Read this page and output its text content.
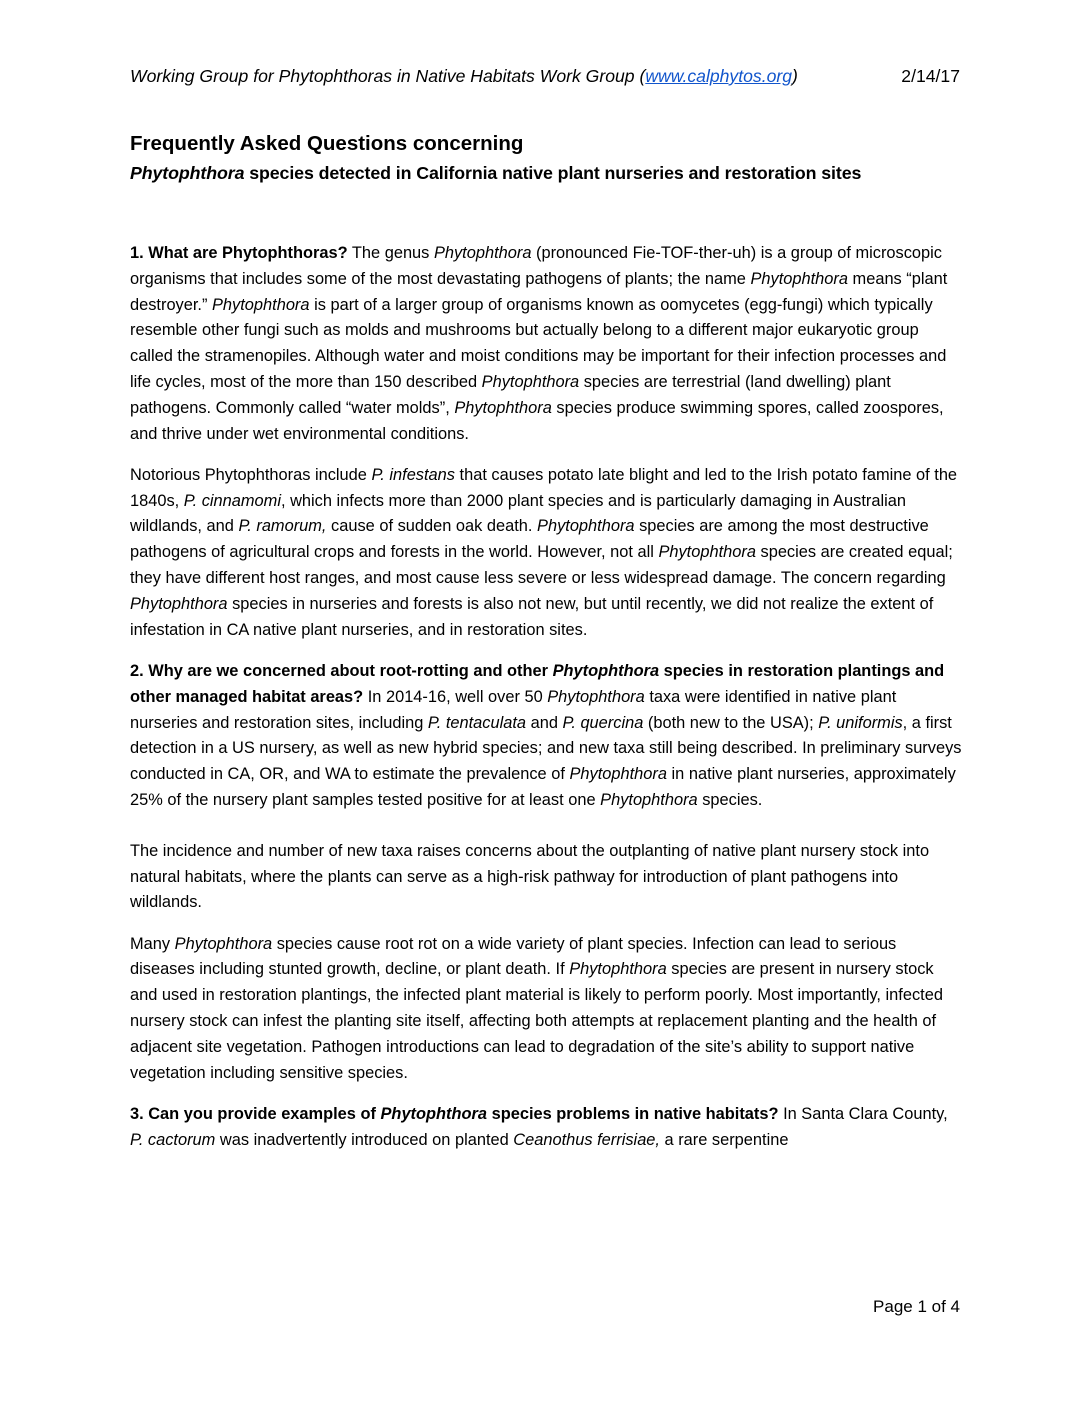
Working Group for Phytophthoras in Native Habitats Work Group (www.calphytos.org)	2/14/17
Frequently Asked Questions concerning
Phytophthora species detected in California native plant nurseries and restoration sites

1. What are Phytophthoras? The genus Phytophthora (pronounced Fie-TOF-ther-uh) is a group of microscopic organisms that includes some of the most devastating pathogens of plants; the name Phytophthora means “plant destroyer.” Phytophthora is part of a larger group of organisms known as oomycetes (egg-fungi) which typically resemble other fungi such as molds and mushrooms but actually belong to a different major eukaryotic group called the stramenopiles. Although water and moist conditions may be important for their infection processes and life cycles, most of the more than 150 described Phytophthora species are terrestrial (land dwelling) plant pathogens. Commonly called “water molds”, Phytophthora species produce swimming spores, called zoospores, and thrive under wet environmental conditions.

Notorious Phytophthoras include P. infestans that causes potato late blight and led to the Irish potato famine of the 1840s, P. cinnamomi, which infects more than 2000 plant species and is particularly damaging in Australian wildlands, and P. ramorum, cause of sudden oak death. Phytophthora species are among the most destructive pathogens of agricultural crops and forests in the world. However, not all Phytophthora species are created equal; they have different host ranges, and most cause less severe or less widespread damage. The concern regarding Phytophthora species in nurseries and forests is also not new, but until recently, we did not realize the extent of infestation in CA native plant nurseries, and in restoration sites.

2. Why are we concerned about root-rotting and other Phytophthora species in restoration plantings and other managed habitat areas? In 2014-16, well over 50 Phytophthora taxa were identified in native plant nurseries and restoration sites, including P. tentaculata and P. quercina (both new to the USA); P. uniformis, a first detection in a US nursery, as well as new hybrid species; and new taxa still being described. In preliminary surveys conducted in CA, OR, and WA to estimate the prevalence of Phytophthora in native plant nurseries, approximately 25% of the nursery plant samples tested positive for at least one Phytophthora species.

The incidence and number of new taxa raises concerns about the outplanting of native plant nursery stock into natural habitats, where the plants can serve as a high-risk pathway for introduction of plant pathogens into wildlands.

Many Phytophthora species cause root rot on a wide variety of plant species. Infection can lead to serious diseases including stunted growth, decline, or plant death. If Phytophthora species are present in nursery stock and used in restoration plantings, the infected plant material is likely to perform poorly. Most importantly, infected nursery stock can infest the planting site itself, affecting both attempts at replacement planting and the health of adjacent site vegetation. Pathogen introductions can lead to degradation of the site’s ability to support native vegetation including sensitive species.

3. Can you provide examples of Phytophthora species problems in native habitats? In Santa Clara County, P. cactorum was inadvertently introduced on planted Ceanothus ferrisiae, a rare serpentine

Page 1 of 4
